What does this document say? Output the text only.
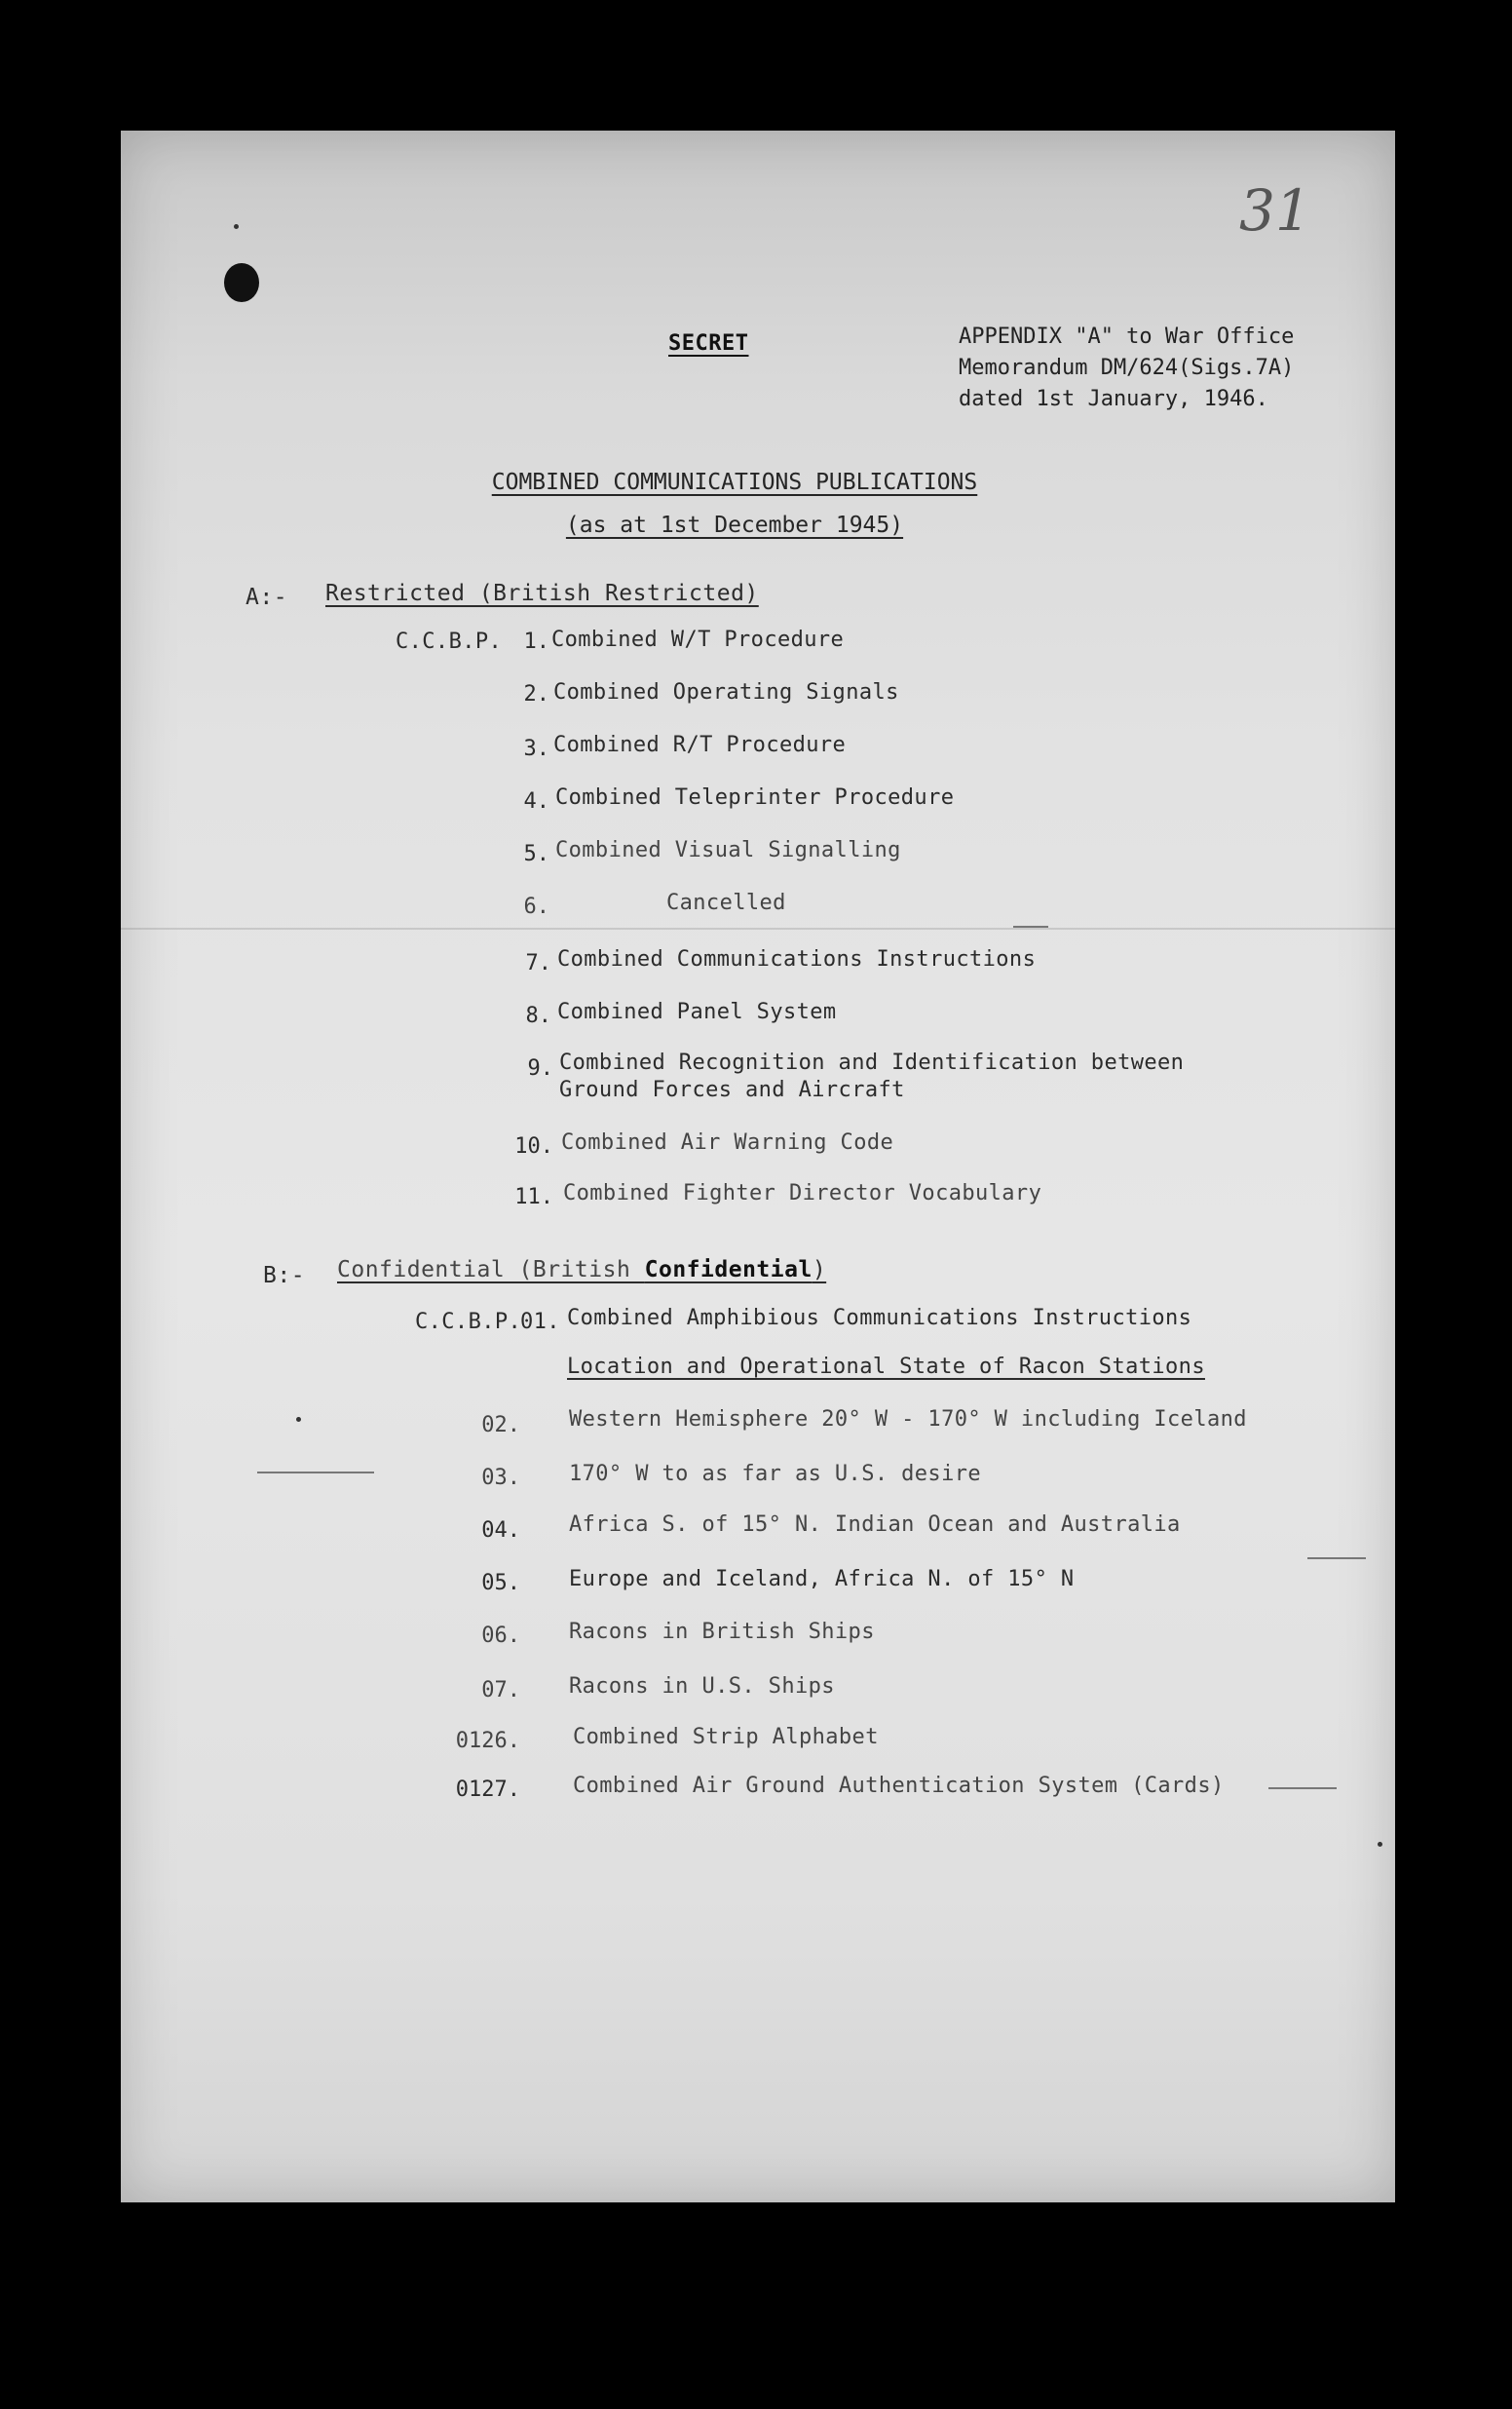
31
SECRET	APPENDIX "A" to War Office
Memorandum DM/624(Sigs.7A)
dated 1st January, 1946.
COMBINED COMMUNICATIONS PUBLICATIONS
(as at 1st December 1945)
A:- Restricted (British Restricted)
C.C.B.P.	1. Combined W/T Procedure
2. Combined Operating Signals
3. Combined R/T Procedure
4. Combined Teleprinter Procedure
5. Combined Visual Signalling
6.	Cancelled
7. Combined Communications Instructions
8. Combined Panel System
9. Combined Recognition and Identification between
Ground Forces and Aircraft
10. Combined Air Warning Code
11. Combined Fighter Director Vocabulary
B:- Confidential (British Confidential)
C.C.B.P.
01. Combined Amphibious Communications Instructions
Location and Operational State of Racon Stations
02. Western Hemisphere 20° W - 170° W including Iceland
03. 170° W to as far as U.S. desire
04. Africa S. of 15° N. Indian Ocean and Australia
05. Europe and Iceland, Africa N. of 15° N
06. Racons in British Ships
07. Racons in U.S. Ships
0126. Combined Strip Alphabet
0127. Combined Air Ground Authentication System (Cards)
